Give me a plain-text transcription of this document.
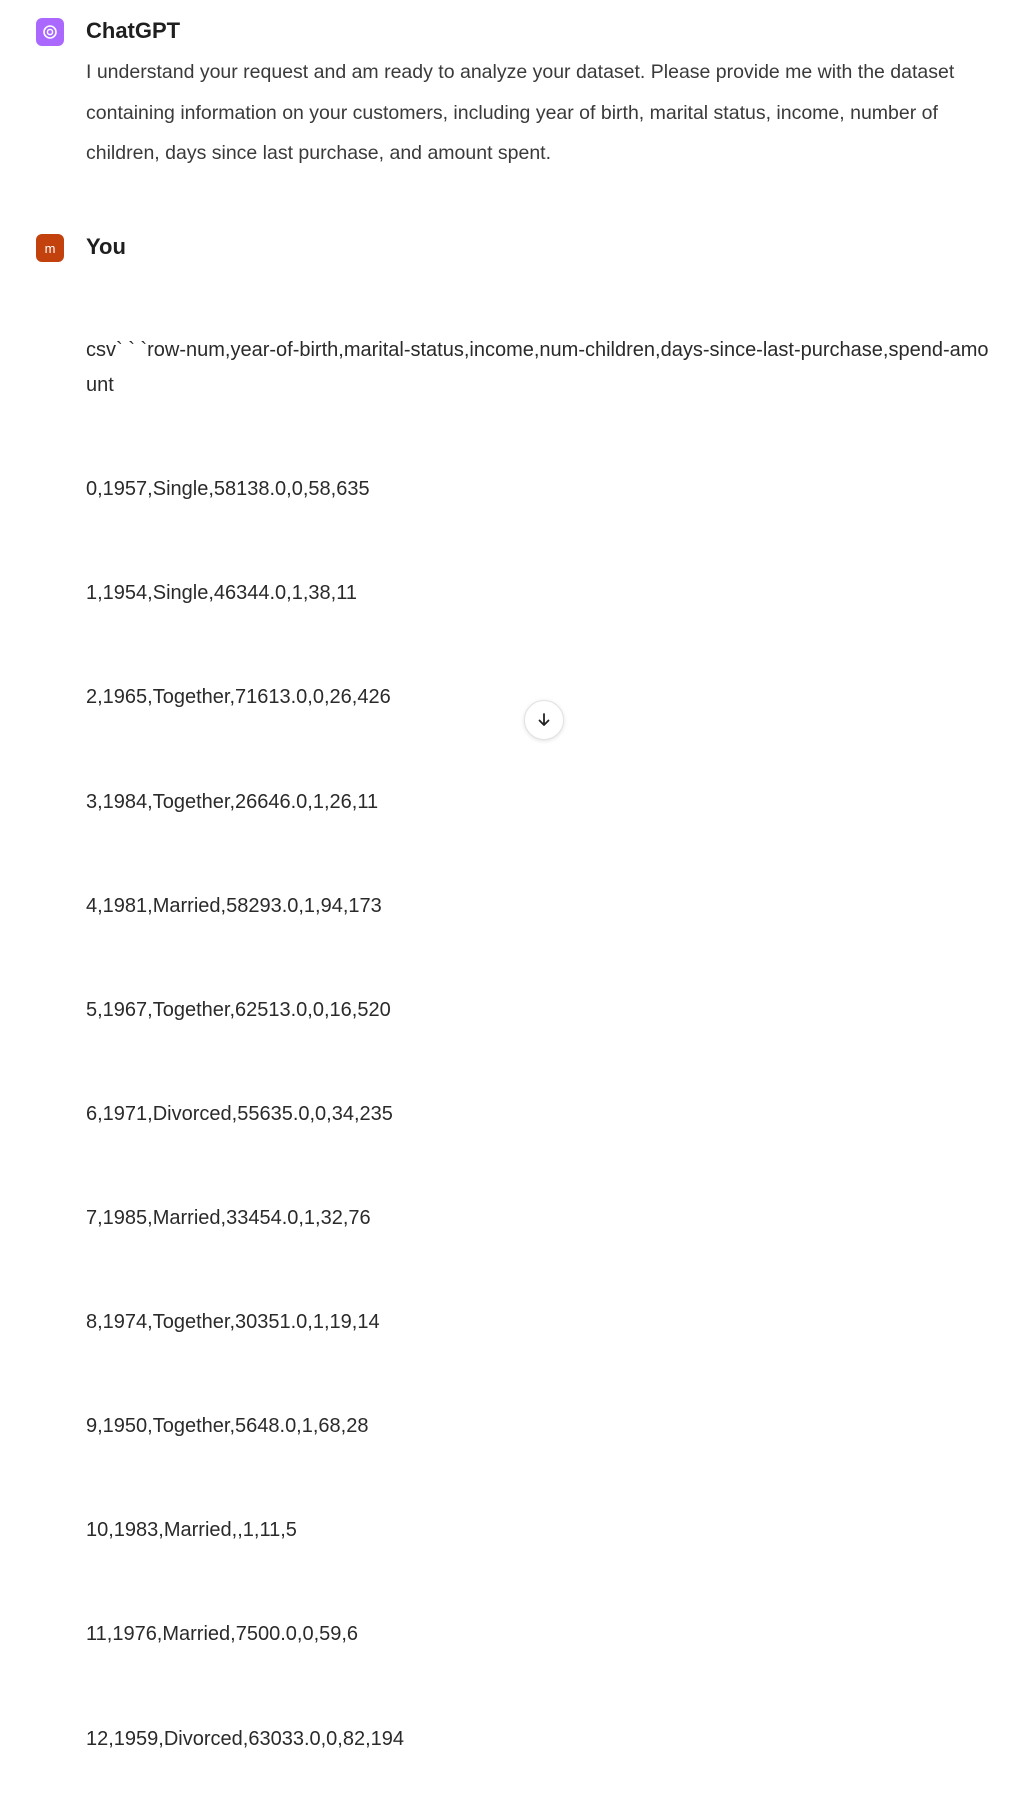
ChatGPT
I understand your request and am ready to analyze your dataset. Please provide me with the dataset containing information on your customers, including year of birth, marital status, income, number of children, days since last purchase, and amount spent.
m	You

csv` ` `row-num,year-of-birth,marital-status,income,num-children,days-since-last-purchase,spend-amount

0,1957,Single,58138.0,0,58,635

1,1954,Single,46344.0,1,38,11

2,1965,Together,71613.0,0,26,426

3,1984,Together,26646.0,1,26,11

4,1981,Married,58293.0,1,94,173

5,1967,Together,62513.0,0,16,520

6,1971,Divorced,55635.0,0,34,235

7,1985,Married,33454.0,1,32,76

8,1974,Together,30351.0,1,19,14

9,1950,Together,5648.0,1,68,28

10,1983,Married,,1,11,5

11,1976,Married,7500.0,0,59,6

12,1959,Divorced,63033.0,0,82,194
